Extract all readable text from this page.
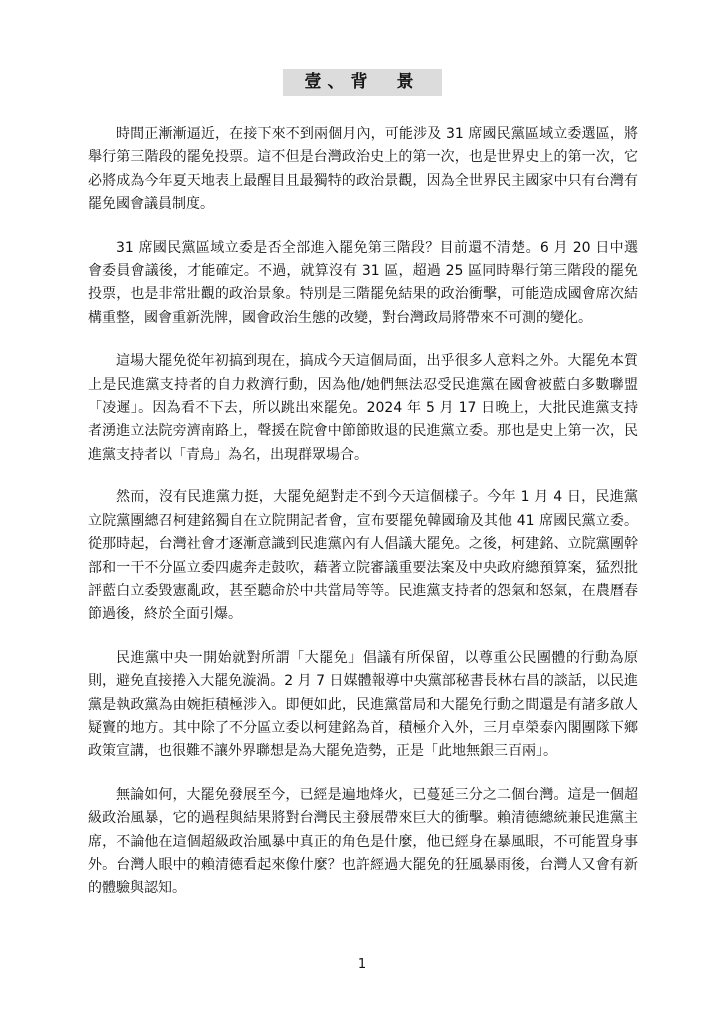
壹、背　景

時間正漸漸逼近，在接下來不到兩個月內，可能涉及 31 席國民黨區域立委選區，將舉行第三階段的罷免投票。這不但是台灣政治史上的第一次，也是世界史上的第一次，它必將成為今年夏天地表上最醒目且最獨特的政治景觀，因為全世界民主國家中只有台灣有罷免國會議員制度。

31 席國民黨區域立委是否全部進入罷免第三階段？目前還不清楚。6 月 20 日中選會委員會議後，才能確定。不過，就算沒有 31 區，超過 25 區同時舉行第三階段的罷免投票，也是非常壯觀的政治景象。特別是三階罷免結果的政治衝擊，可能造成國會席次結構重整，國會重新洗牌，國會政治生態的改變，對台灣政局將帶來不可測的變化。

這場大罷免從年初搞到現在，搞成今天這個局面，出乎很多人意料之外。大罷免本質上是民進黨支持者的自力救濟行動，因為他/她們無法忍受民進黨在國會被藍白多數聯盟「凌遲」。因為看不下去，所以跳出來罷免。2024 年 5 月 17 日晚上，大批民進黨支持者湧進立法院旁濟南路上，聲援在院會中節節敗退的民進黨立委。那也是史上第一次，民進黨支持者以「青鳥」為名，出現群眾場合。

然而，沒有民進黨力挺，大罷免絕對走不到今天這個樣子。今年 1 月 4 日，民進黨立院黨團總召柯建銘獨自在立院開記者會，宣布要罷免韓國瑜及其他 41 席國民黨立委。從那時起，台灣社會才逐漸意識到民進黨內有人倡議大罷免。之後，柯建銘、立院黨團幹部和一干不分區立委四處奔走鼓吹，藉著立院審議重要法案及中央政府總預算案，猛烈批評藍白立委毀憲亂政，甚至聽命於中共當局等等。民進黨支持者的怨氣和怒氣，在農曆春節過後，終於全面引爆。

民進黨中央一開始就對所謂「大罷免」倡議有所保留，以尊重公民團體的行動為原則，避免直接捲入大罷免漩渦。2 月 7 日媒體報導中央黨部秘書長林右昌的談話，以民進黨是執政黨為由婉拒積極涉入。即便如此，民進黨當局和大罷免行動之間還是有諸多啟人疑竇的地方。其中除了不分區立委以柯建銘為首，積極介入外，三月卓榮泰內閣團隊下鄉政策宣講，也很難不讓外界聯想是為大罷免造勢，正是「此地無銀三百兩」。

無論如何，大罷免發展至今，已經是遍地烽火，已蔓延三分之二個台灣。這是一個超級政治風暴，它的過程與結果將對台灣民主發展帶來巨大的衝擊。賴清德總統兼民進黨主席，不論他在這個超級政治風暴中真正的角色是什麼，他已經身在暴風眼，不可能置身事外。台灣人眼中的賴清德看起來像什麼？也許經過大罷免的狂風暴雨後，台灣人又會有新的體驗與認知。

1
